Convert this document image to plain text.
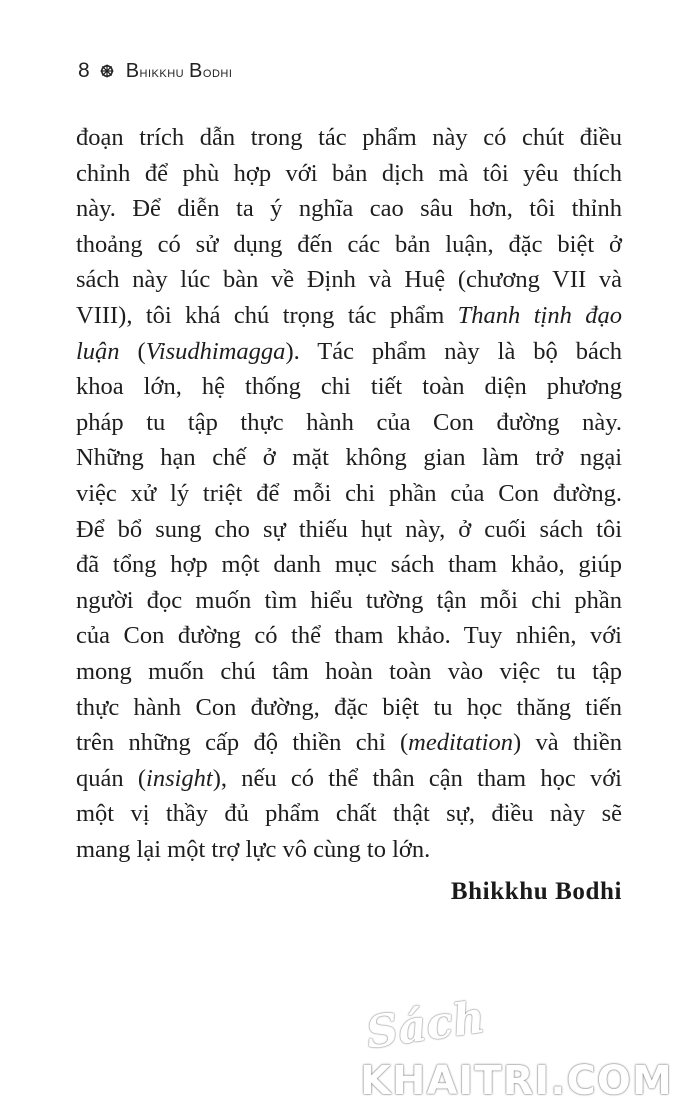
8 Bhikkhu Bodhi
đoạn trích dẫn trong tác phẩm này có chút điều
chỉnh để phù hợp với bản dịch mà tôi yêu thích
này. Để diễn ta ý nghĩa cao sâu hơn, tôi thỉnh
thoảng có sử dụng đến các bản luận, đặc biệt ở
sách này lúc bàn về Định và Huệ (chương VII và
VIII), tôi khá chú trọng tác phẩm Thanh tịnh đạo
luận (Visudhimagga). Tác phẩm này là bộ bách
khoa lớn, hệ thống chi tiết toàn diện phương
pháp tu tập thực hành của Con đường này.
Những hạn chế ở mặt không gian làm trở ngại
việc xử lý triệt để mỗi chi phần của Con đường.
Để bổ sung cho sự thiếu hụt này, ở cuối sách tôi
đã tổng hợp một danh mục sách tham khảo, giúp
người đọc muốn tìm hiểu tường tận mỗi chi phần
của Con đường có thể tham khảo. Tuy nhiên, với
mong muốn chú tâm hoàn toàn vào việc tu tập
thực hành Con đường, đặc biệt tu học thăng tiến
trên những cấp độ thiền chỉ (meditation) và thiền
quán (insight), nếu có thể thân cận tham học với
một vị thầy đủ phẩm chất thật sự, điều này sẽ
mang lại một trợ lực vô cùng to lớn.
Bhikkhu Bodhi
Sách
KHAITRI.COM
